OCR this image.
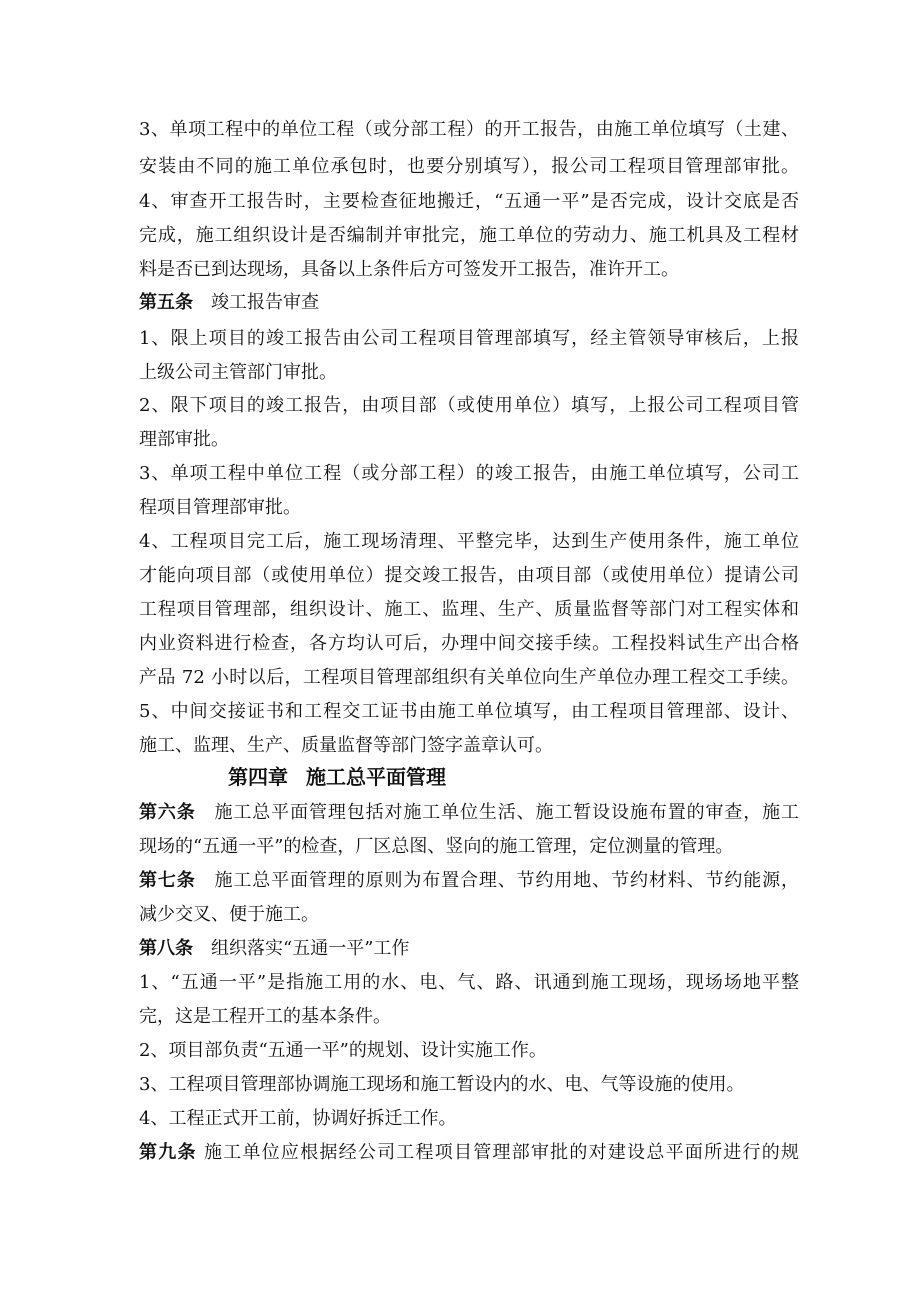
3、单项工程中的单位工程（或分部工程）的开工报告，由施工单位填写（土建、
安装由不同的施工单位承包时，也要分别填写），报公司工程项目管理部审批。
4、审查开工报告时，主要检查征地搬迁，“五通一平”是否完成，设计交底是否
完成，施工组织设计是否编制并审批完，施工单位的劳动力、施工机具及工程材
料是否已到达现场，具备以上条件后方可签发开工报告，准许开工。
第五条 竣工报告审查
1、限上项目的竣工报告由公司工程项目管理部填写，经主管领导审核后，上报
上级公司主管部门审批。
2、限下项目的竣工报告，由项目部（或使用单位）填写，上报公司工程项目管
理部审批。
3、单项工程中单位工程（或分部工程）的竣工报告，由施工单位填写，公司工
程项目管理部审批。
4、工程项目完工后，施工现场清理、平整完毕，达到生产使用条件，施工单位
才能向项目部（或使用单位）提交竣工报告，由项目部（或使用单位）提请公司
工程项目管理部，组织设计、施工、监理、生产、质量监督等部门对工程实体和
内业资料进行检查，各方均认可后，办理中间交接手续。工程投料试生产出合格
产品 72 小时以后，工程项目管理部组织有关单位向生产单位办理工程交工手续。
5、中间交接证书和工程交工证书由施工单位填写，由工程项目管理部、设计、
施工、监理、生产、质量监督等部门签字盖章认可。
第四章 施工总平面管理
第六条 施工总平面管理包括对施工单位生活、施工暂设设施布置的审查，施工
现场的“五通一平”的检查，厂区总图、竖向的施工管理，定位测量的管理。
第七条 施工总平面管理的原则为布置合理、节约用地、节约材料、节约能源，
减少交叉、便于施工。
第八条 组织落实“五通一平”工作
1、“五通一平”是指施工用的水、电、气、路、讯通到施工现场，现场场地平整
完，这是工程开工的基本条件。
2、项目部负责“五通一平”的规划、设计实施工作。
3、工程项目管理部协调施工现场和施工暂设内的水、电、气等设施的使用。
4、工程正式开工前，协调好拆迁工作。
第九条 施工单位应根据经公司工程项目管理部审批的对建设总平面所进行的规
